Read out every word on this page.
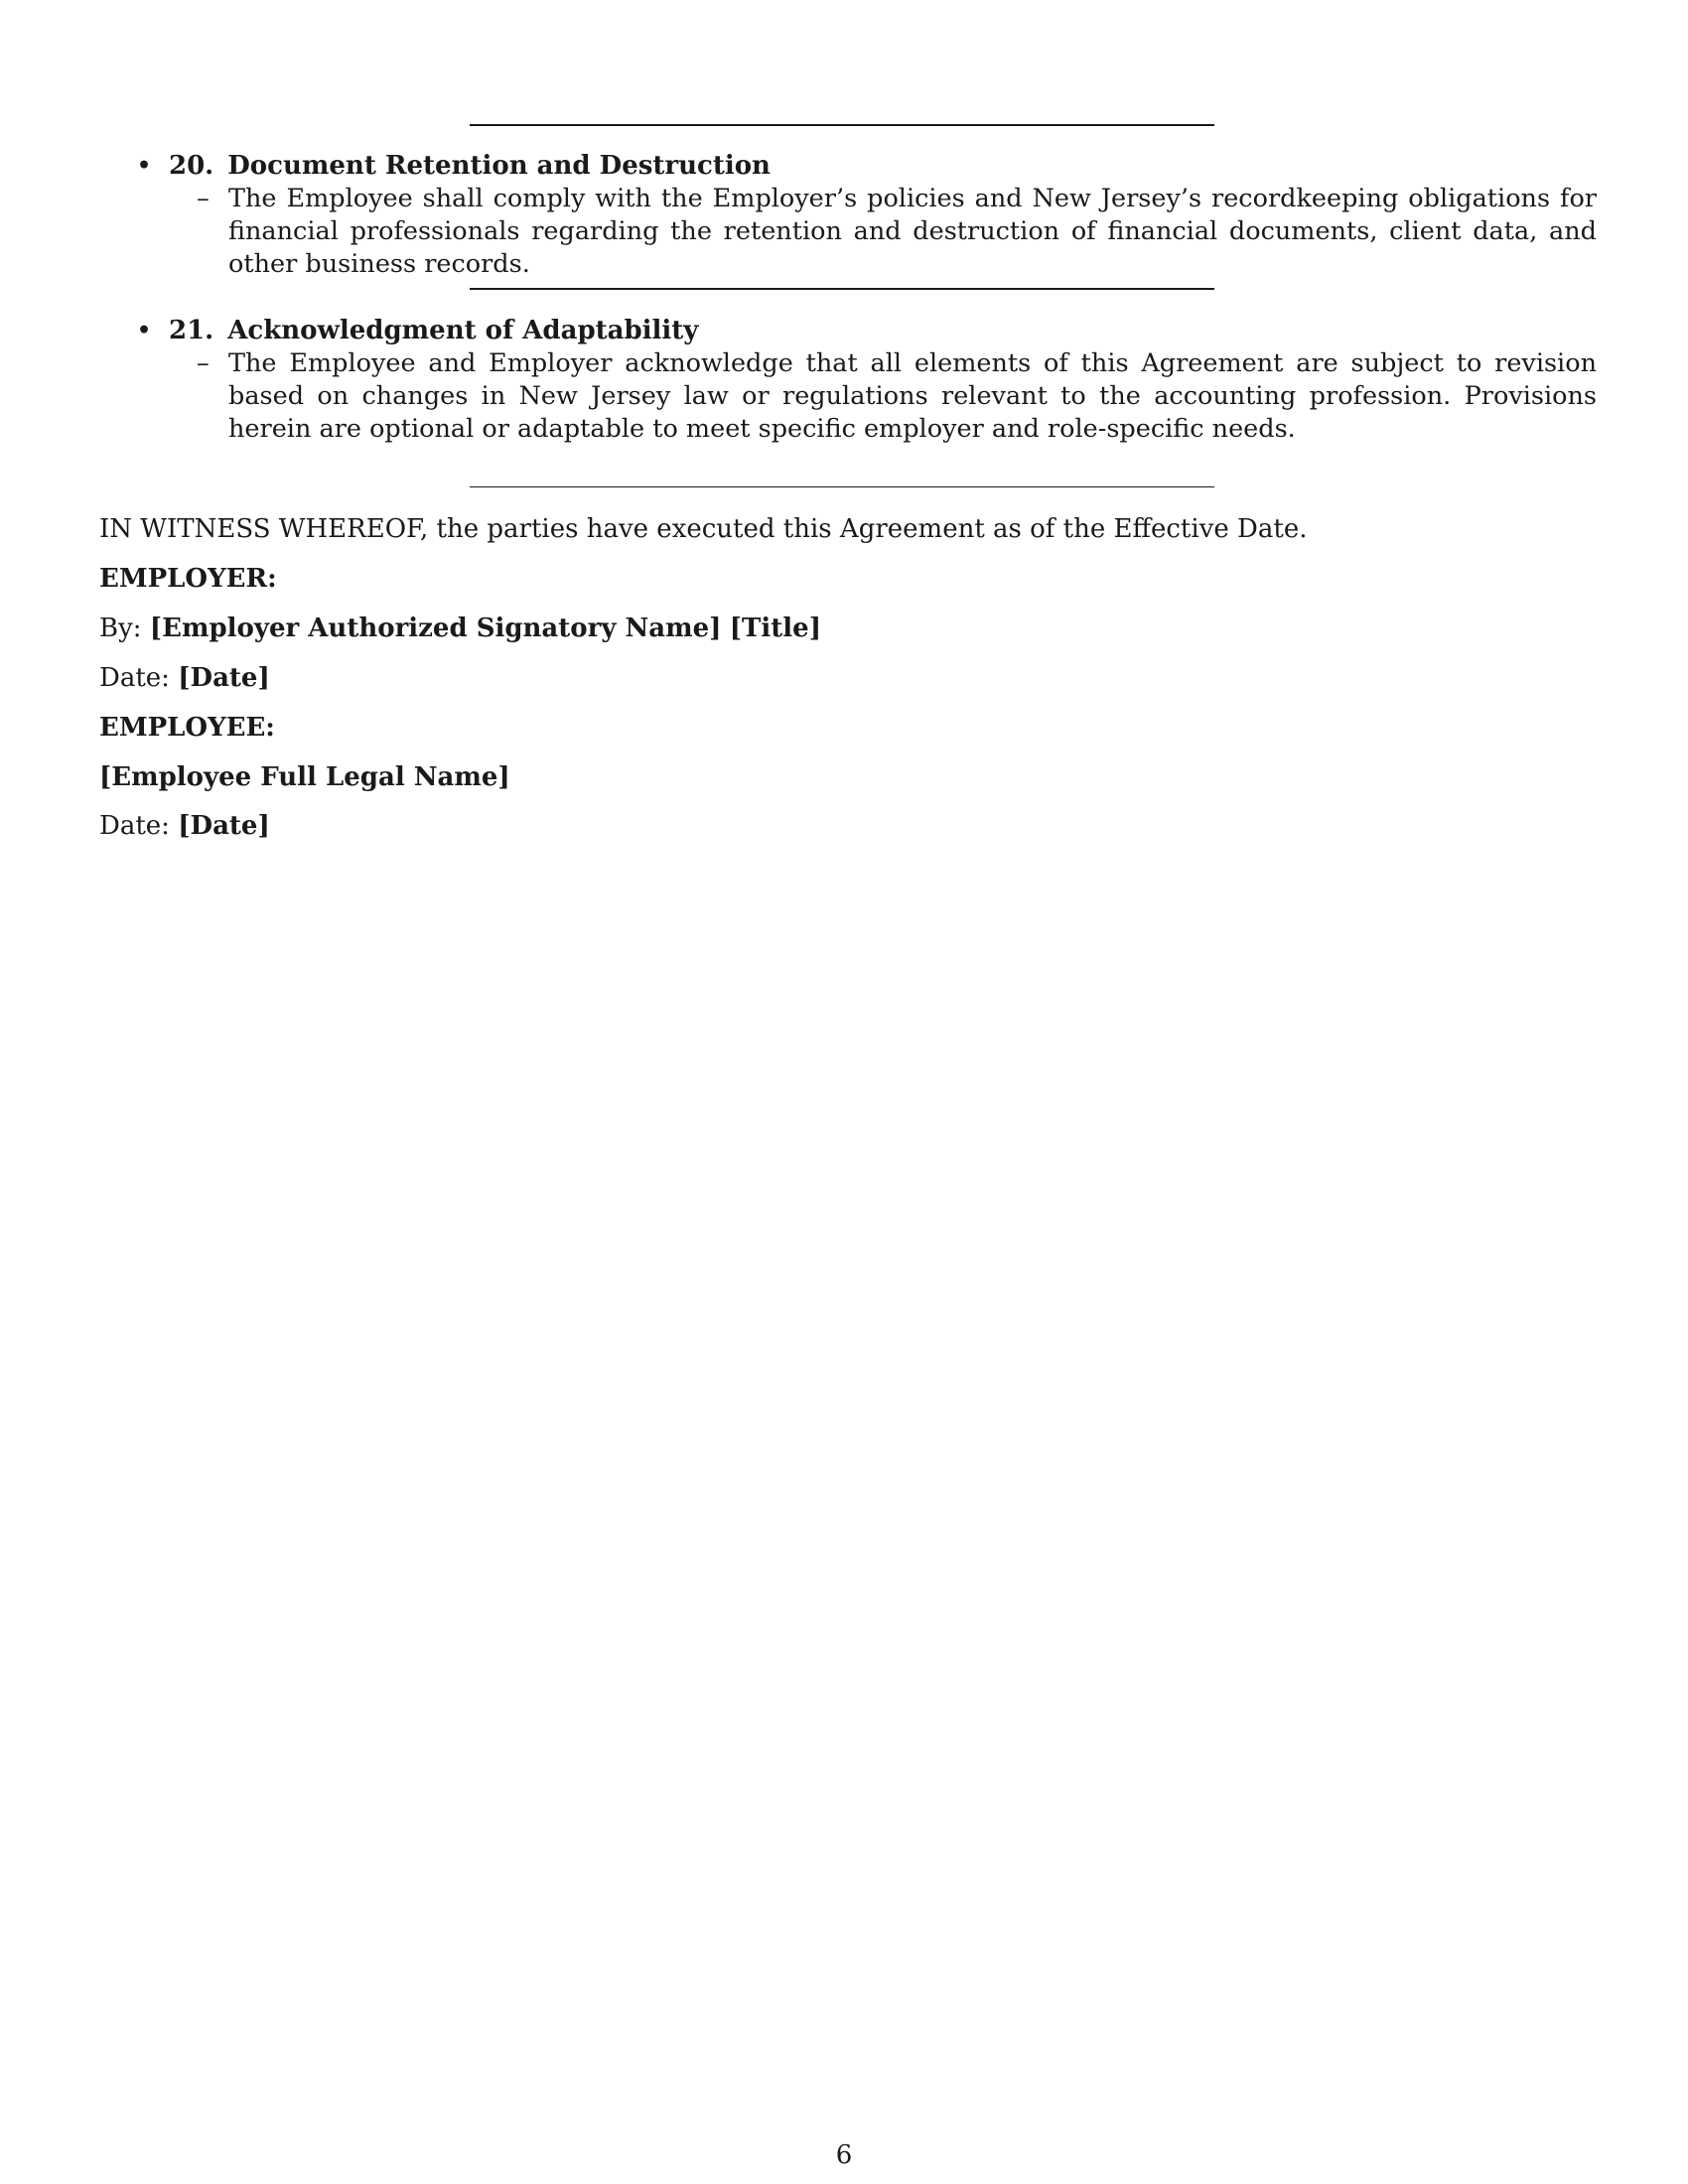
• 20. Document Retention and Destruction
– The Employee shall comply with the Employer’s policies and New Jersey’s recordkeeping obligations for financial professionals regarding the retention and destruction of financial documents, client data, and other business records.
• 21. Acknowledgment of Adaptability
– The Employee and Employer acknowledge that all elements of this Agreement are subject to revision based on changes in New Jersey law or regulations relevant to the accounting profession. Provisions herein are optional or adaptable to meet specific employer and role-specific needs.
IN WITNESS WHEREOF, the parties have executed this Agreement as of the Effective Date.
EMPLOYER:
By: [Employer Authorized Signatory Name] [Title]
Date: [Date]
EMPLOYEE:
[Employee Full Legal Name]
Date: [Date]
6
